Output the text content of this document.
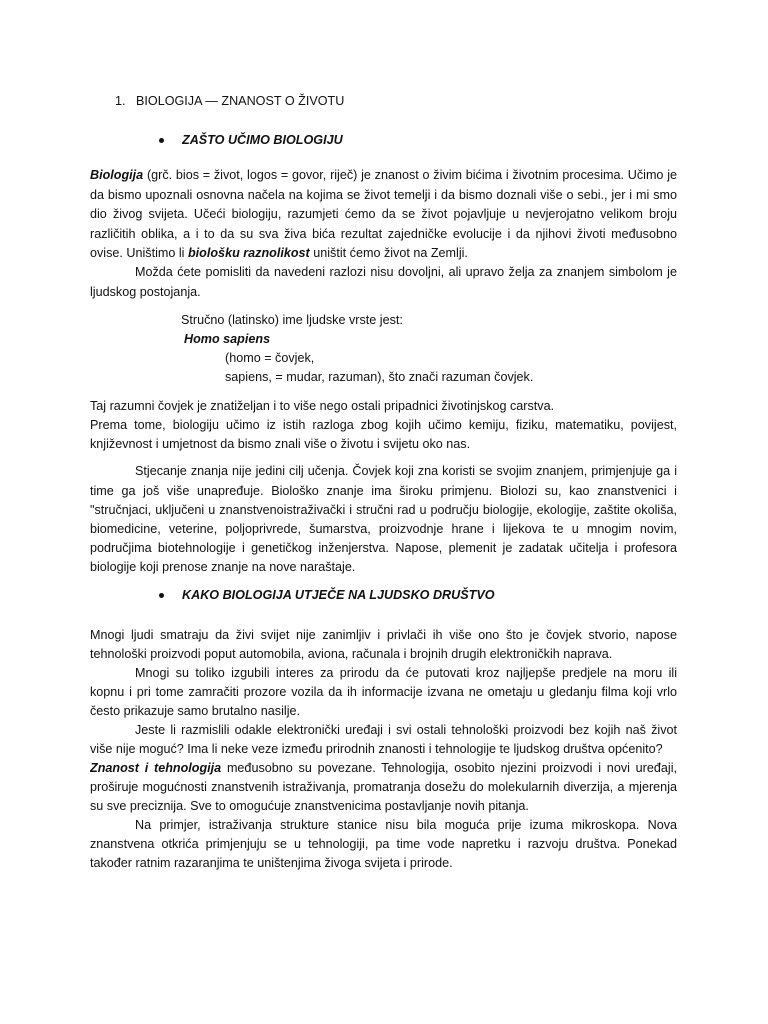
1. BIOLOGIJA — ZNANOST O ŽIVOTU
ZAŠTO UČIMO BIOLOGIJU
Biologija (grč. bios = život, logos = govor, riječ) je znanost o živim bićima i životnim procesima. Učimo je
da bismo upoznali osnovna načela na kojima se život temelji i da bismo doznali više o sebi., jer i mi smo
dio živog svijeta. Učeći biologiju, razumjeti ćemo da se život pojavljuje u nevjerojatno velikom broju
različitih oblika, a i to da su sva živa bića rezultat zajedničke evolucije i da njihovi životi međusobno
ovise. Uništimo li biološku raznolikost uništit ćemo život na Zemlji.
Možda ćete pomisliti da navedeni razlozi nisu dovoljni, ali upravo želja za znanjem simbolom je
ljudskog postojanja.
Stručno (latinsko) ime ljudske vrste jest:
Homo sapiens
(homo = čovjek,
sapiens, = mudar, razuman), što znači razuman čovjek.
Taj razumni čovjek je znatiželjan i to više nego ostali pripadnici životinjskog carstva.
Prema tome, biologiju učimo iz istih razloga zbog kojih učimo kemiju, fiziku, matematiku, povijest,
književnost i umjetnost da bismo znali više o životu i svijetu oko nas.
Stjecanje znanja nije jedini cilj učenja. Čovjek koji zna koristi se svojim znanjem, primjenjuje ga i
time ga još više unapređuje. Biološko znanje ima široku primjenu. Biolozi su, kao znanstvenici i
"stručnjaci, uključeni u znanstvenoistraživački i stručni rad u području biologije, ekologije, zaštite okoliša,
biomedicine, veterine, poljoprivrede, šumarstva, proizvodnje hrane i lijekova te u mnogim novim,
područjima biotehnologije i genetičkog inženjerstva. Napose, plemenit je zadatak učitelja i profesora
biologije koji prenose znanje na nove naraštaje.
KAKO BIOLOGIJA UTJEČE NA LJUDSKO DRUŠTVO
Mnogi ljudi smatraju da živi svijet nije zanimljiv i privlači ih više ono što je čovjek stvorio, napose
tehnološki proizvodi poput automobila, aviona, računala i brojnih drugih elektroničkih naprava.
Mnogi su toliko izgubili interes za prirodu da će putovati kroz najljepše predjele na moru ili
kopnu i pri tome zamračiti prozore vozila da ih informacije izvana ne ometaju u gledanju filma koji vrlo
često prikazuje samo brutalno nasilje.
Jeste li razmislili odakle elektronički uređaji i svi ostali tehnološki proizvodi bez kojih naš život
više nije moguć? Ima li neke veze između prirodnih znanosti i tehnologije te ljudskog društva općenito?
Znanost i tehnologija međusobno su povezane. Tehnologija, osobito njezini proizvodi i novi uređaji,
proširuje mogućnosti znanstvenih istraživanja, promatranja dosežu do molekularnih diverzija, a mjerenja
su sve preciznija. Sve to omogućuje znanstvenicima postavljanje novih pitanja.
Na primjer, istraživanja strukture stanice nisu bila moguća prije izuma mikroskopa. Nova
znanstvena otkrića primjenjuju se u tehnologiji, pa time vode napretku i razvoju društva. Ponekad
također ratnim razaranjima te uništenjima živoga svijeta i prirode.
